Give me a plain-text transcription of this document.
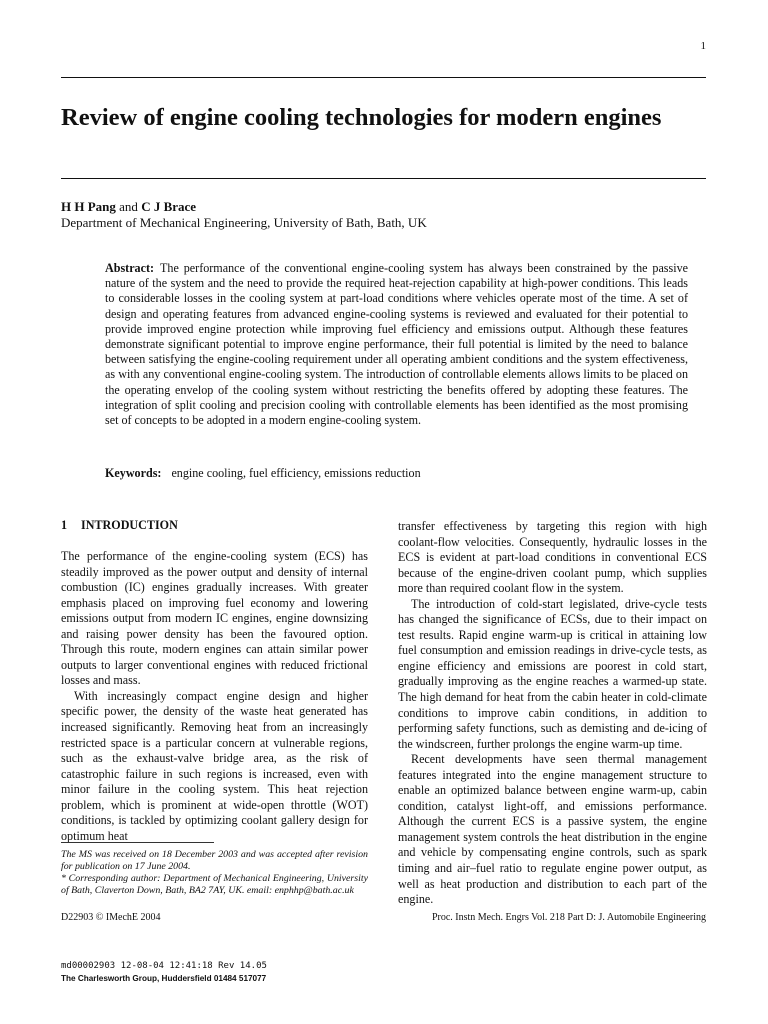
1
Review of engine cooling technologies for modern engines
H H Pang and C J Brace
Department of Mechanical Engineering, University of Bath, Bath, UK

Abstract: The performance of the conventional engine-cooling system has always been constrained by the passive nature of the system and the need to provide the required heat-rejection capability at high-power conditions. This leads to considerable losses in the cooling system at part-load conditions where vehicles operate most of the time. A set of design and operating features from advanced engine-cooling systems is reviewed and evaluated for their potential to provide improved engine protection while improving fuel efficiency and emissions output. Although these features demonstrate significant potential to improve engine performance, their full potential is limited by the need to balance between satisfying the engine-cooling requirement under all operating ambient conditions and the system effectiveness, as with any conventional engine-cooling system. The introduction of controllable elements allows limits to be placed on the operating envelop of the cooling system without restricting the benefits offered by adopting these features. The integration of split cooling and precision cooling with controllable elements has been identified as the most promising set of concepts to be adopted in a modern engine-cooling system.

Keywords: engine cooling, fuel efficiency, emissions reduction
1 INTRODUCTION

The performance of the engine-cooling system (ECS) has steadily improved as the power output and density of internal combustion (IC) engines gradually increases. With greater emphasis placed on improving fuel economy and lowering emissions output from modern IC engines, engine downsizing and raising power density has been the favoured option. Through this route, modern engines can attain similar power outputs to larger conventional engines with reduced frictional losses and mass.

With increasingly compact engine design and higher specific power, the density of the waste heat generated has increased significantly. Removing heat from an increasingly restricted space is a particular concern at vulnerable regions, such as the exhaust-valve bridge area, as the risk of catastrophic failure in such regions is increased, even with minor failure in the cooling system. This heat rejection problem, which is prominent at wide-open throttle (WOT) conditions, is tackled by optimizing coolant gallery design for optimum heat

transfer effectiveness by targeting this region with high coolant-flow velocities. Consequently, hydraulic losses in the ECS is evident at part-load conditions in conventional ECS because of the engine-driven coolant pump, which supplies more than required coolant flow in the system.

The introduction of cold-start legislated, drive-cycle tests has changed the significance of ECSs, due to their impact on test results. Rapid engine warm-up is critical in attaining low fuel consumption and emission readings in drive-cycle tests, as engine efficiency and emissions are poorest in cold start, gradually improving as the engine reaches a warmed-up state. The high demand for heat from the cabin heater in cold-climate conditions to improve cabin conditions, in addition to performing safety functions, such as demisting and de-icing of the windscreen, further prolongs the engine warm-up time.

Recent developments have seen thermal management features integrated into the engine management structure to enable an optimized balance between engine warm-up, cabin condition, catalyst light-off, and emissions performance. Although the current ECS is a passive system, the engine management system controls the heat distribution in the engine and vehicle by compensating engine controls, such as spark timing and air–fuel ratio to regulate engine power output, as well as heat production and distribution to each part of the engine.

The MS was received on 18 December 2003 and was accepted after revision for publication on 17 June 2004.

* Corresponding author: Department of Mechanical Engineering, University of Bath, Claverton Down, Bath, BA2 7AY, UK. email: enphhp@bath.ac.uk

D22903 © IMechE 2004	Proc. Instn Mech. Engrs Vol. 218 Part D: J. Automobile Engineering
md00002903 12-08-04 12:41:18 Rev 14.05
The Charlesworth Group, Huddersfield 01484 517077
